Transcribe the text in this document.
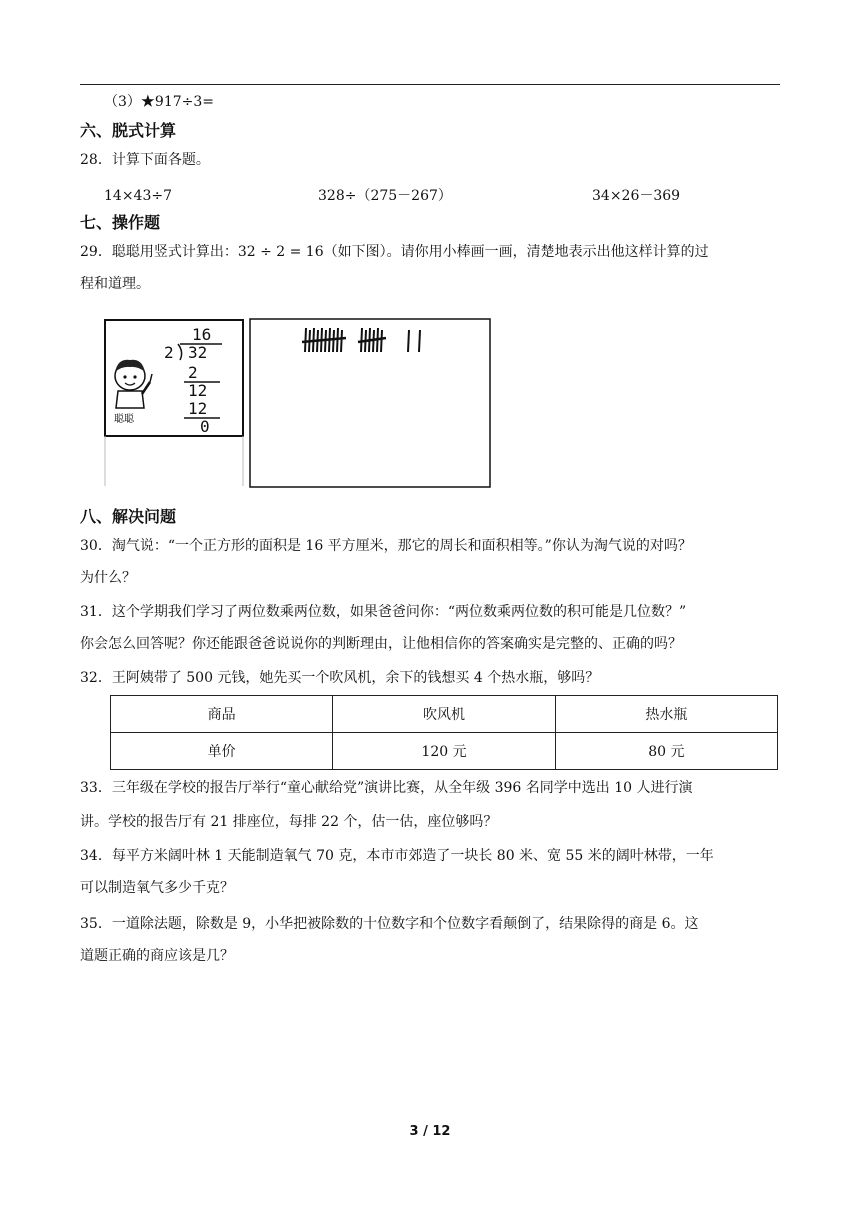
（3）★917÷3=
六、脱式计算
28．计算下面各题。
14×43÷7	328÷（275－267）	34×26－369
七、操作题
29．聪聪用竖式计算出：32 ÷ 2 = 16（如下图）。请你用小棒画一画，清楚地表示出他这样计算的过
程和道理。
聪聪
16
2 32
2
12
12
0
八、解决问题
30．淘气说：“一个正方形的面积是 16 平方厘米，那它的周长和面积相等。”你认为淘气说的对吗？
为什么？
31．这个学期我们学习了两位数乘两位数，如果爸爸问你：“两位数乘两位数的积可能是几位数？”
你会怎么回答呢？你还能跟爸爸说说你的判断理由，让他相信你的答案确实是完整的、正确的吗？
32．王阿姨带了 500 元钱，她先买一个吹风机，余下的钱想买 4 个热水瓶，够吗？
商品	吹风机	热水瓶
单价	120 元	80 元
33．三年级在学校的报告厅举行“童心献给党”演讲比赛，从全年级 396 名同学中选出 10 人进行演
讲。学校的报告厅有 21 排座位，每排 22 个，估一估，座位够吗？
34．每平方米阔叶林 1 天能制造氧气 70 克，本市市郊造了一块长 80 米、宽 55 米的阔叶林带，一年
可以制造氧气多少千克？
35．一道除法题，除数是 9，小华把被除数的十位数字和个位数字看颠倒了，结果除得的商是 6。这
道题正确的商应该是几？
3 / 12
